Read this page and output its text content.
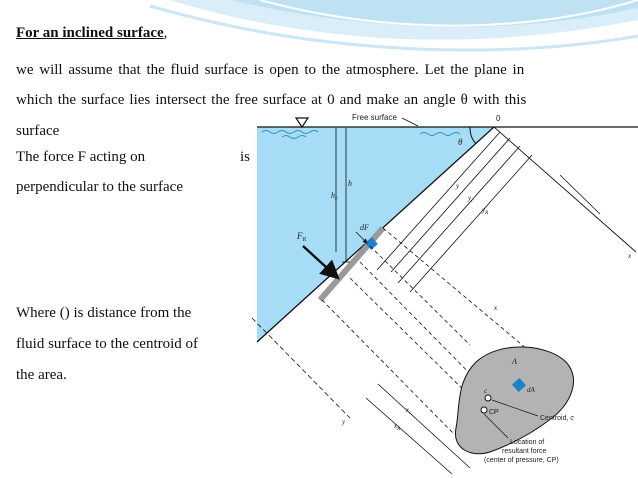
For an inclined surface,
we will assume that the fluid surface is open to the atmosphere. Let the plane in
which the surface lies intersect the free surface at 0 and make an angle θ with this
surface
The force F acting on	is
perpendicular to the surface
Where () is distance from the
fluid surface to the centroid of
the area.
θ
0
Free surface
h
$h_c$
dF
$F_R$
y
$y_c$
$y_R$
x
y
$x_c$
$x_R$
x
A
dA
c
CP
Centroid, c
Location of
resultant force
(center of pressure, CP)
